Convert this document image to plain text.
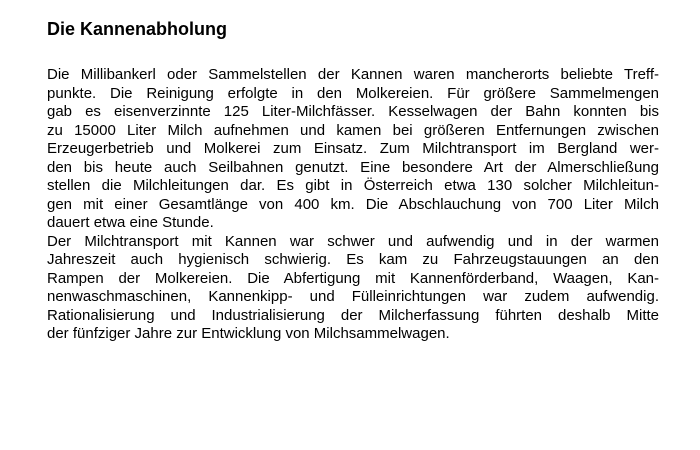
Die Kannenabholung

Die Millibankerl oder Sammelstellen der Kannen waren mancherorts beliebte Treff-
punkte. Die Reinigung erfolgte in den Molkereien. Für größere Sammelmengen
gab es eisenverzinnte 125 Liter-Milchfässer. Kesselwagen der Bahn konnten bis
zu 15000 Liter Milch aufnehmen und kamen bei größeren Entfernungen zwischen
Erzeugerbetrieb und Molkerei zum Einsatz. Zum Milchtransport im Bergland wer-
den bis heute auch Seilbahnen genutzt. Eine besondere Art der Almerschließung
stellen die Milchleitungen dar. Es gibt in Österreich etwa 130 solcher Milchleitun-
gen mit einer Gesamtlänge von 400 km. Die Abschlauchung von 700 Liter Milch
dauert etwa eine Stunde.

Der Milchtransport mit Kannen war schwer und aufwendig und in der warmen
Jahreszeit auch hygienisch schwierig. Es kam zu Fahrzeugstauungen an den
Rampen der Molkereien. Die Abfertigung mit Kannenförderband, Waagen, Kan-
nenwaschmaschinen, Kannenkipp- und Fülleinrichtungen war zudem aufwendig.
Rationalisierung und Industrialisierung der Milcherfassung führten deshalb Mitte
der fünfziger Jahre zur Entwicklung von Milchsammelwagen.
